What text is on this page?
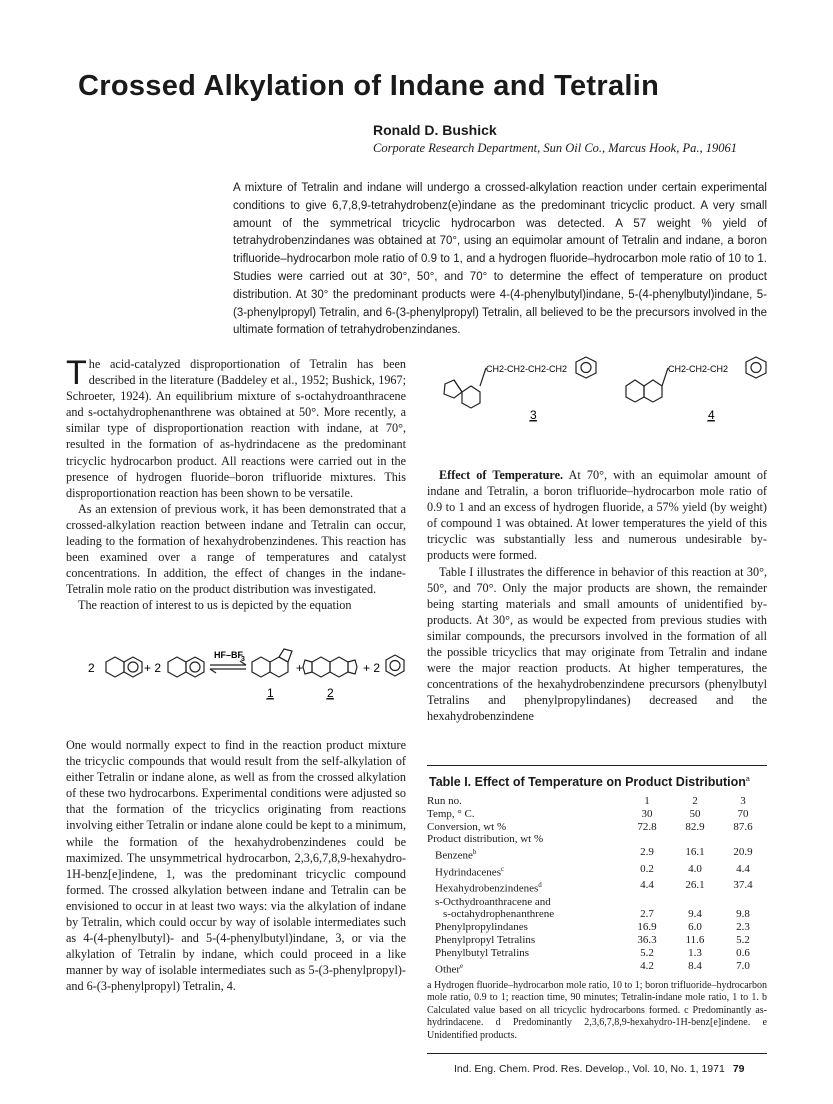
Crossed Alkylation of Indane and Tetralin
Ronald D. Bushick
Corporate Research Department, Sun Oil Co., Marcus Hook, Pa., 19061
A mixture of Tetralin and indane will undergo a crossed-alkylation reaction under certain experimental conditions to give 6,7,8,9-tetrahydrobenz(e)indane as the predominant tricyclic product. A very small amount of the symmetrical tricyclic hydrocarbon was detected. A 57 weight % yield of tetrahydrobenzindanes was obtained at 70°, using an equimolar amount of Tetralin and indane, a boron trifluoride–hydrocarbon mole ratio of 0.9 to 1, and a hydrogen fluoride–hydrocarbon mole ratio of 10 to 1. Studies were carried out at 30°, 50°, and 70° to determine the effect of temperature on product distribution. At 30° the predominant products were 4-(4-phenylbutyl)indane, 5-(4-phenylbutyl)indane, 5-(3-phenylpropyl) Tetralin, and 6-(3-phenylpropyl) Tetralin, all believed to be the precursors involved in the ultimate formation of tetrahydrobenzindanes.

The acid-catalyzed disproportionation of Tetralin has been described in the literature (Baddeley et al., 1952; Bushick, 1967; Schroeter, 1924). An equilibrium mixture of s-octahydroanthracene and s-octahydrophenanthrene was obtained at 50°. More recently, a similar type of disproportionation reaction with indane, at 70°, resulted in the formation of as-hydrindacene as the predominant tricyclic hydrocarbon product. All reactions were carried out in the presence of hydrogen fluoride–boron trifluoride mixtures. This disproportionation reaction has been shown to be versatile.

As an extension of previous work, it has been demonstrated that a crossed-alkylation reaction between indane and Tetralin can occur, leading to the formation of hexahydrobenzindenes. This reaction has been examined over a range of temperatures and catalyst concentrations. In addition, the effect of changes in the indane-Tetralin mole ratio on the product distribution was investigated.

The reaction of interest to us is depicted by the equation

2	+ 2
HF–BF
3
+	+ 2
1	2

One would normally expect to find in the reaction product mixture the tricyclic compounds that would result from the self-alkylation of either Tetralin or indane alone, as well as from the crossed alkylation of these two hydrocarbons. Experimental conditions were adjusted so that the formation of the tricyclics originating from reactions involving either Tetralin or indane alone could be kept to a minimum, while the formation of the hexahydrobenzindenes could be maximized. The unsymmetrical hydrocarbon, 2,3,6,7,8,9-hexahydro-1H-benz[e]indene, 1, was the predominant tricyclic compound formed. The crossed alkylation between indane and Tetralin can be envisioned to occur in at least two ways: via the alkylation of indane by Tetralin, which could occur by way of isolable intermediates such as 4-(4-phenylbutyl)- and 5-(4-phenylbutyl)indane, 3, or via the alkylation of Tetralin by indane, which could proceed in a like manner by way of isolable intermediates such as 5-(3-phenylpropyl)- and 6-(3-phenylpropyl) Tetralin, 4.

CH2-CH2-CH2-CH2	CH2-CH2-CH2
3	4

Effect of Temperature. At 70°, with an equimolar amount of indane and Tetralin, a boron trifluoride–hydrocarbon mole ratio of 0.9 to 1 and an excess of hydrogen fluoride, a 57% yield (by weight) of compound 1 was obtained. At lower temperatures the yield of this tricyclic was substantially less and numerous undesirable by-products were formed.

Table I illustrates the difference in behavior of this reaction at 30°, 50°, and 70°. Only the major products are shown, the remainder being starting materials and small amounts of unidentified by-products. At 30°, as would be expected from previous studies with similar compounds, the precursors involved in the formation of all the possible tricyclics that may originate from Tetralin and indane were the major reaction products. At higher temperatures, the concentrations of the hexahydrobenzindene precursors (phenylbutyl Tetralins and phenylpropylindanes) decreased and the hexahydrobenzindene

Table I. Effect of Temperature on Product Distribution$^a$
Run no.	1	2	3
Temp, ° C.	30	50	70
Conversion, wt %	72.8	82.9	87.6
Product distribution, wt %			
Benzene$^b$	2.9	16.1	20.9
Hydrindacenes$^c$	0.2	4.0	4.4
Hexahydrobenzindenes$^d$	4.4	26.1	37.4
s-Octhydroanthracene and			
s-octahydrophenanthrene	2.7	9.4	9.8
Phenylpropylindanes	16.9	6.0	2.3
Phenylpropyl Tetralins	36.3	11.6	5.2
Phenylbutyl Tetralins	5.2	1.3	0.6
Other$^e$	4.2	8.4	7.0
a Hydrogen fluoride–hydrocarbon mole ratio, 10 to 1; boron trifluoride–hydrocarbon mole ratio, 0.9 to 1; reaction time, 90 minutes; Tetralin-indane mole ratio, 1 to 1. b Calculated value based on all tricyclic hydrocarbons formed. c Predominantly as-hydrindacene. d Predominantly 2,3,6,7,8,9-hexahydro-1H-benz[e]indene. e Unidentified products.
Ind. Eng. Chem. Prod. Res. Develop., Vol. 10, No. 1, 1971 79
